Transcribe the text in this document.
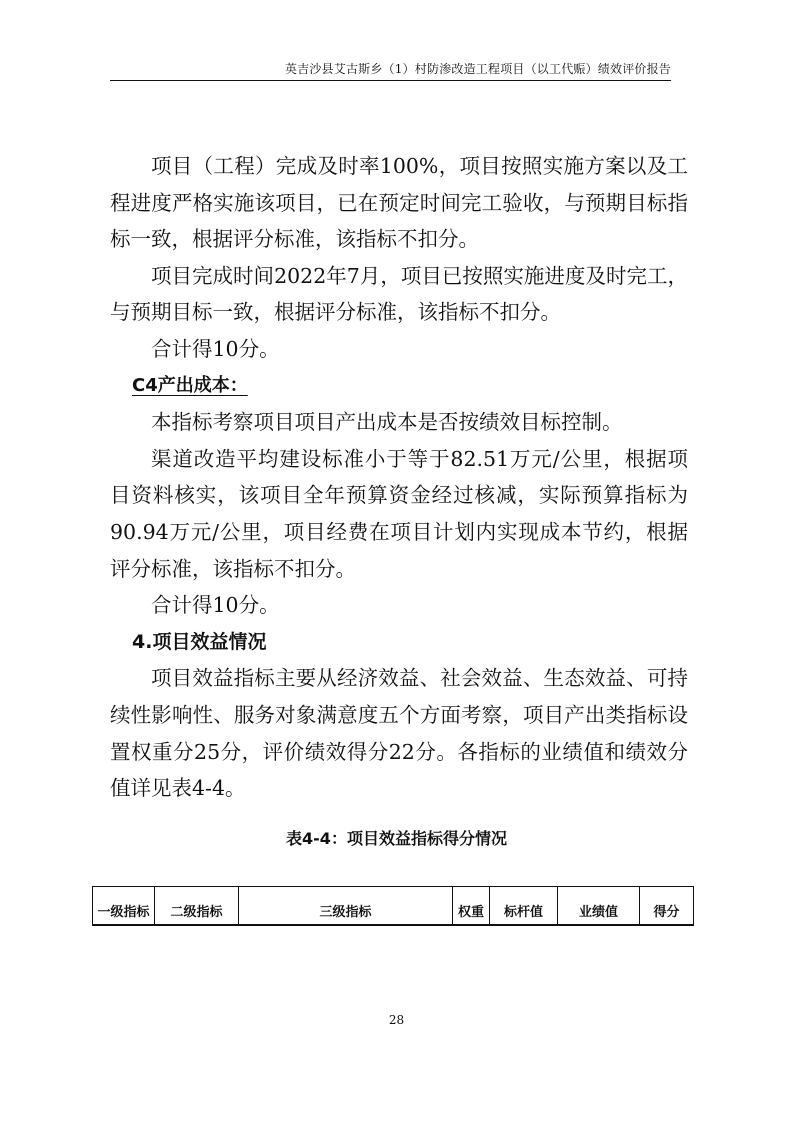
英吉沙县艾古斯乡（1）村防渗改造工程项目（以工代赈）绩效评价报告

项目（工程）完成及时率100%，项目按照实施方案以及工程进度严格实施该项目，已在预定时间完工验收，与预期目标指标一致，根据评分标准，该指标不扣分。

项目完成时间2022年7月，项目已按照实施进度及时完工，与预期目标一致，根据评分标准，该指标不扣分。

合计得10分。

C4产出成本：

本指标考察项目项目产出成本是否按绩效目标控制。

渠道改造平均建设标准小于等于82.51万元/公里，根据项目资料核实，该项目全年预算资金经过核减，实际预算指标为90.94万元/公里，项目经费在项目计划内实现成本节约，根据评分标准，该指标不扣分。

合计得10分。

4.项目效益情况

项目效益指标主要从经济效益、社会效益、生态效益、可持续性影响性、服务对象满意度五个方面考察，项目产出类指标设置权重分25分，评价绩效得分22分。各指标的业绩值和绩效分值详见表4-4。

表4-4：项目效益指标得分情况
一级指标	二级指标	三级指标	权重	标杆值	业绩值	得分
28
